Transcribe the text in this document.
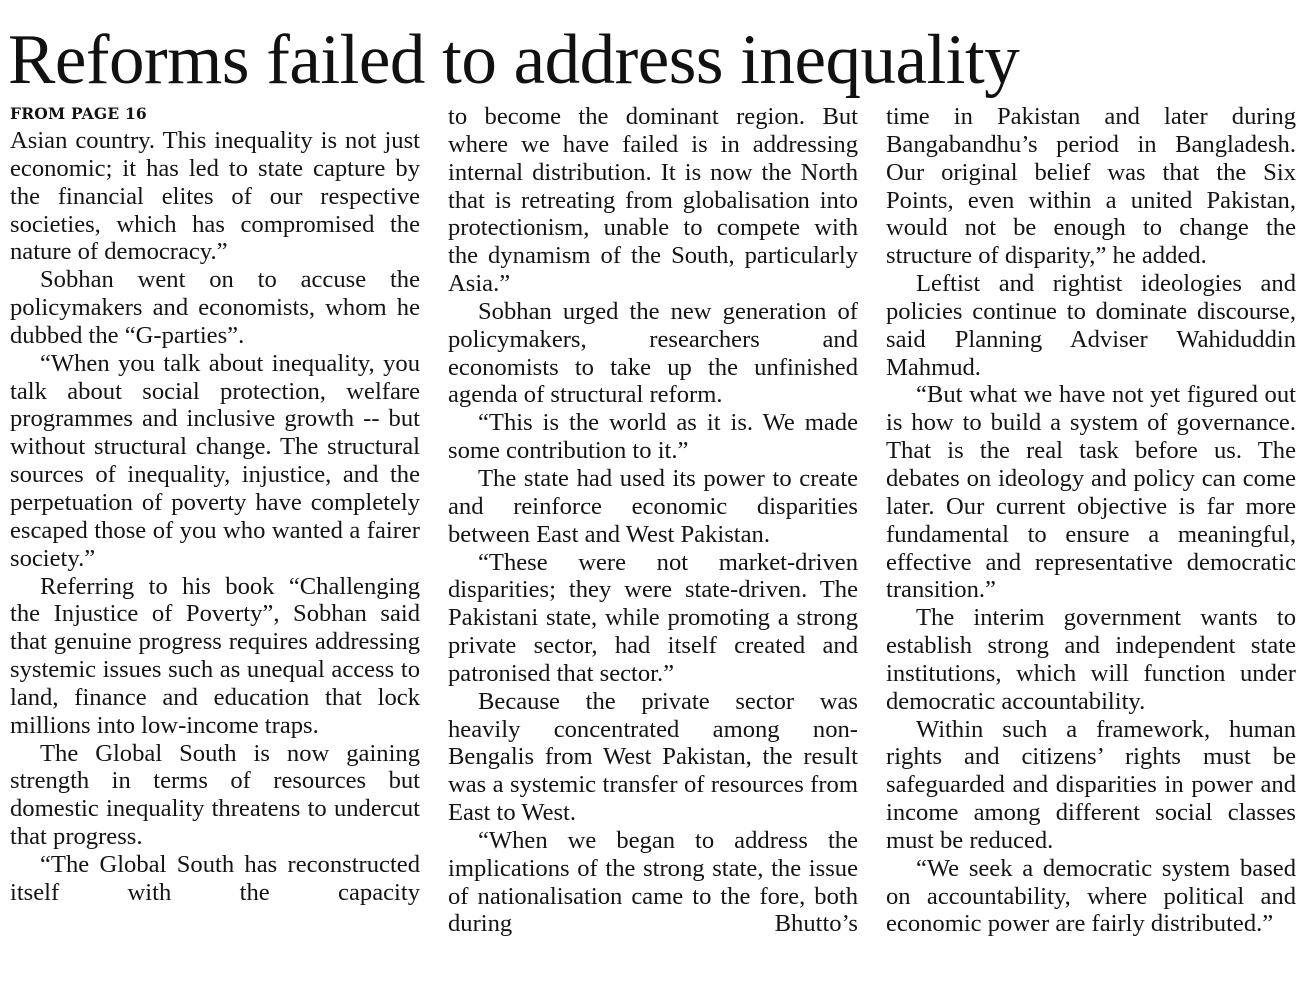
Reforms failed to address inequality
FROM PAGE 16

Asian country. This inequality is not just economic; it has led to state capture by the financial elites of our respective societies, which has compromised the nature of democracy.”

Sobhan went on to accuse the policymakers and economists, whom he dubbed the “G-parties”.

“When you talk about inequality, you talk about social protection, welfare programmes and inclusive growth -- but without structural change. The structural sources of inequality, injustice, and the perpetuation of poverty have completely escaped those of you who wanted a fairer society.”

Referring to his book “Challenging the Injustice of Poverty”, Sobhan said that genuine progress requires addressing systemic issues such as unequal access to land, finance and education that lock millions into low-income traps.

The Global South is now gaining strength in terms of resources but domestic inequality threatens to undercut that progress.

“The Global South has reconstructed itself with the capacity

to become the dominant region. But where we have failed is in addressing internal distribution. It is now the North that is retreating from globalisation into protectionism, unable to compete with the dynamism of the South, particularly Asia.”

Sobhan urged the new generation of policymakers, researchers and economists to take up the unfinished agenda of structural reform.

“This is the world as it is. We made some contribution to it.”

The state had used its power to create and reinforce economic disparities between East and West Pakistan.

“These were not market-driven disparities; they were state-driven. The Pakistani state, while promoting a strong private sector, had itself created and patronised that sector.”

Because the private sector was heavily concentrated among non-Bengalis from West Pakistan, the result was a systemic transfer of resources from East to West.

“When we began to address the implications of the strong state, the issue of nationalisation came to the fore, both during Bhutto’s

time in Pakistan and later during Bangabandhu’s period in Bangladesh. Our original belief was that the Six Points, even within a united Pakistan, would not be enough to change the structure of disparity,” he added.

Leftist and rightist ideologies and policies continue to dominate discourse, said Planning Adviser Wahiduddin Mahmud.

“But what we have not yet figured out is how to build a system of governance. That is the real task before us. The debates on ideology and policy can come later. Our current objective is far more fundamental to ensure a meaningful, effective and representative democratic transition.”

The interim government wants to establish strong and independent state institutions, which will function under democratic accountability.

Within such a framework, human rights and citizens’ rights must be safeguarded and disparities in power and income among different social classes must be reduced.

“We seek a democratic system based on accountability, where political and economic power are fairly distributed.”
